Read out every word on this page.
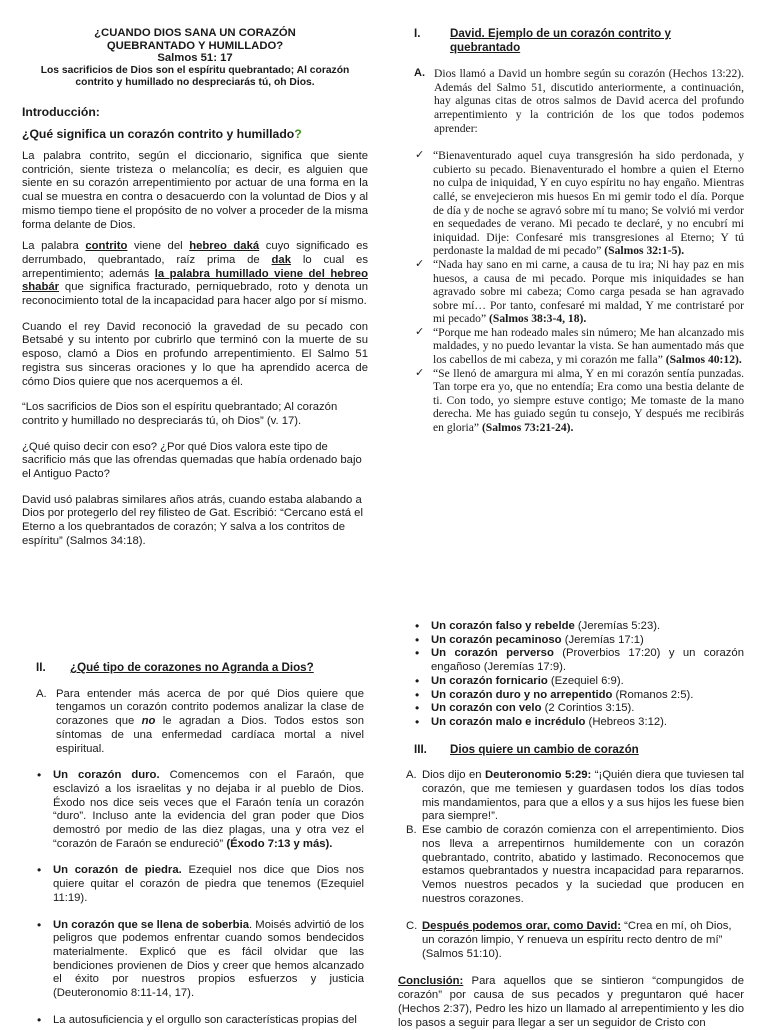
¿CUANDO DIOS SANA UN CORAZÓN QUEBRANTADO Y HUMILLADO?

Salmos 51: 17

Los sacrificios de Dios son el espíritu quebrantado; Al corazón contrito y humillado no despreciarás tú, oh Dios.

Introducción:

¿Qué significa un corazón contrito y humillado?

La palabra contrito, según el diccionario, significa que siente contrición, siente tristeza o melancolía; es decir, es alguien que siente en su corazón arrepentimiento por actuar de una forma en la cual se muestra en contra o desacuerdo con la voluntad de Dios y al mismo tiempo tiene el propósito de no volver a proceder de la misma forma delante de Dios.

La palabra contrito viene del hebreo daká cuyo significado es derrumbado, quebrantado, raíz prima de dak lo cual es arrepentimiento; además la palabra humillado viene del hebreo shabár que significa fracturado, perniquebrado, roto y denota un reconocimiento total de la incapacidad para hacer algo por sí mismo.

Cuando el rey David reconoció la gravedad de su pecado con Betsabé y su intento por cubrirlo que terminó con la muerte de su esposo, clamó a Dios en profundo arrepentimiento. El Salmo 51 registra sus sinceras oraciones y lo que ha aprendido acerca de cómo Dios quiere que nos acerquemos a él.

“Los sacrificios de Dios son el espíritu quebrantado; Al corazón contrito y humillado no despreciarás tú, oh Dios” (v. 17).

¿Qué quiso decir con eso? ¿Por qué Dios valora este tipo de sacrificio más que las ofrendas quemadas que había ordenado bajo el Antiguo Pacto?

David usó palabras similares años atrás, cuando estaba alabando a Dios por protegerlo del rey filisteo de Gat. Escribió: “Cercano está el Eterno a los quebrantados de corazón; Y salva a los contritos de espíritu” (Salmos 34:18).

II.	¿Qué tipo de corazones no Agranda a Dios?
A. Para entender más acerca de por qué Dios quiere que tengamos un corazón contrito podemos analizar la clase de corazones que no le agradan a Dios. Todos estos son síntomas de una enfermedad cardíaca mortal a nivel espiritual.
• Un corazón duro. Comencemos con el Faraón, que esclavizó a los israelitas y no dejaba ir al pueblo de Dios. Éxodo nos dice seis veces que el Faraón tenía un corazón “duro”. Incluso ante la evidencia del gran poder que Dios demostró por medio de las diez plagas, una y otra vez el “corazón de Faraón se endureció” (Éxodo 7:13 y más).
• Un corazón de piedra. Ezequiel nos dice que Dios nos quiere quitar el corazón de piedra que tenemos (Ezequiel 11:19).
• Un corazón que se llena de soberbia. Moisés advirtió de los peligros que podemos enfrentar cuando somos bendecidos materialmente. Explicó que es fácil olvidar que las bendiciones provienen de Dios y creer que hemos alcanzado el éxito por nuestros propios esfuerzos y justicia (Deuteronomio 8:11-14, 17).
• La autosuficiencia y el orgullo son características propias del
I.	David. Ejemplo de un corazón contrito y quebrantado
A. Dios llamó a David un hombre según su corazón (Hechos 13:22). Además del Salmo 51, discutido anteriormente, a continuación, hay algunas citas de otros salmos de David acerca del profundo arrepentimiento y la contrición de los que todos podemos aprender:
✓ “Bienaventurado aquel cuya transgresión ha sido perdonada, y cubierto su pecado. Bienaventurado el hombre a quien el Eterno no culpa de iniquidad, Y en cuyo espíritu no hay engaño. Mientras callé, se envejecieron mis huesos En mi gemir todo el día. Porque de día y de noche se agravó sobre mí tu mano; Se volvió mi verdor en sequedades de verano. Mi pecado te declaré, y no encubrí mi iniquidad. Dije: Confesaré mis transgresiones al Eterno; Y tú perdonaste la maldad de mi pecado” (Salmos 32:1-5).
✓ “Nada hay sano en mi carne, a causa de tu ira; Ni hay paz en mis huesos, a causa de mi pecado. Porque mis iniquidades se han agravado sobre mi cabeza; Como carga pesada se han agravado sobre mí… Por tanto, confesaré mi maldad, Y me contristaré por mi pecado” (Salmos 38:3-4, 18).
✓ “Porque me han rodeado males sin número; Me han alcanzado mis maldades, y no puedo levantar la vista. Se han aumentado más que los cabellos de mi cabeza, y mi corazón me falla” (Salmos 40:12).
✓ “Se llenó de amargura mi alma, Y en mi corazón sentía punzadas. Tan torpe era yo, que no entendía; Era como una bestia delante de ti. Con todo, yo siempre estuve contigo; Me tomaste de la mano derecha. Me has guiado según tu consejo, Y después me recibirás en gloria” (Salmos 73:21-24).
• Un corazón falso y rebelde (Jeremías 5:23).
• Un corazón pecaminoso (Jeremías 17:1)
• Un corazón perverso (Proverbios 17:20) y un corazón engañoso (Jeremías 17:9).
• Un corazón fornicario (Ezequiel 6:9).
• Un corazón duro y no arrepentido (Romanos 2:5).
• Un corazón con velo (2 Corintios 3:15).
• Un corazón malo e incrédulo (Hebreos 3:12).
III.	Dios quiere un cambio de corazón
A. Dios dijo en Deuteronomio 5:29: “¡Quién diera que tuviesen tal corazón, que me temiesen y guardasen todos los días todos mis mandamientos, para que a ellos y a sus hijos les fuese bien para siempre!”.
B. Ese cambio de corazón comienza con el arrepentimiento. Dios nos lleva a arrepentirnos humildemente con un corazón quebrantado, contrito, abatido y lastimado. Reconocemos que estamos quebrantados y nuestra incapacidad para repararnos. Vemos nuestros pecados y la suciedad que producen en nuestros corazones.
C. Después podemos orar, como David: “Crea en mí, oh Dios, un corazón limpio, Y renueva un espíritu recto dentro de mí” (Salmos 51:10).

Conclusión: Para aquellos que se sintieron “compungidos de corazón” por causa de sus pecados y preguntaron qué hacer (Hechos 2:37), Pedro les hizo un llamado al arrepentimiento y les dio los pasos a seguir para llegar a ser un seguidor de Cristo con
